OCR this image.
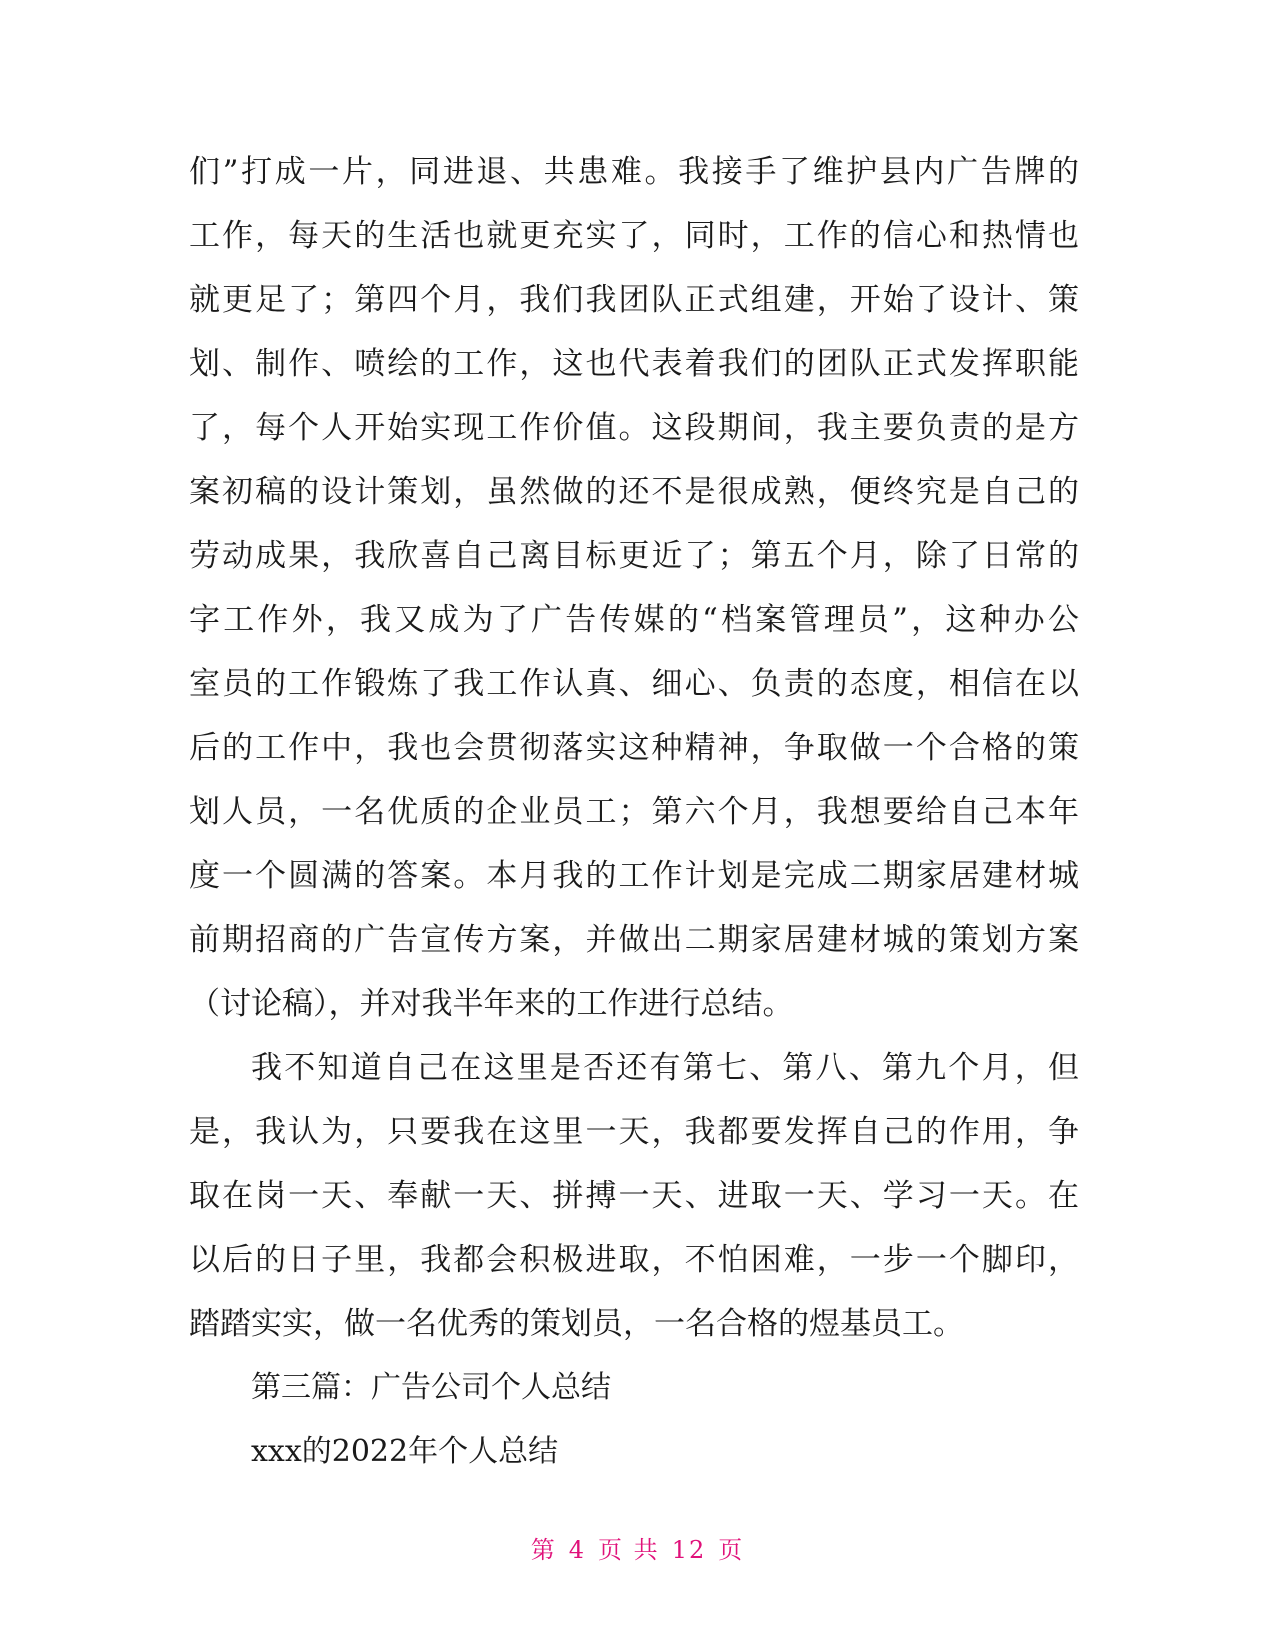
们”打成一片，同进退、共患难。我接手了维护县内广告牌的
工作，每天的生活也就更充实了，同时，工作的信心和热情也
就更足了；第四个月，我们我团队正式组建，开始了设计、策
划、制作、喷绘的工作，这也代表着我们的团队正式发挥职能
了，每个人开始实现工作价值。这段期间，我主要负责的是方
案初稿的设计策划，虽然做的还不是很成熟，便终究是自己的
劳动成果，我欣喜自己离目标更近了；第五个月，除了日常的
字工作外，我又成为了广告传媒的“档案管理员”，这种办公
室员的工作锻炼了我工作认真、细心、负责的态度，相信在以
后的工作中，我也会贯彻落实这种精神，争取做一个合格的策
划人员，一名优质的企业员工；第六个月，我想要给自己本年
度一个圆满的答案。本月我的工作计划是完成二期家居建材城
前期招商的广告宣传方案，并做出二期家居建材城的策划方案
（讨论稿），并对我半年来的工作进行总结。
我不知道自己在这里是否还有第七、第八、第九个月，但
是，我认为，只要我在这里一天，我都要发挥自己的作用，争
取在岗一天、奉献一天、拼搏一天、进取一天、学习一天。在
以后的日子里，我都会积极进取，不怕困难，一步一个脚印，
踏踏实实，做一名优秀的策划员，一名合格的煜基员工。
第三篇：广告公司个人总结
xxx的2022年个人总结
第 4 页 共 12 页
